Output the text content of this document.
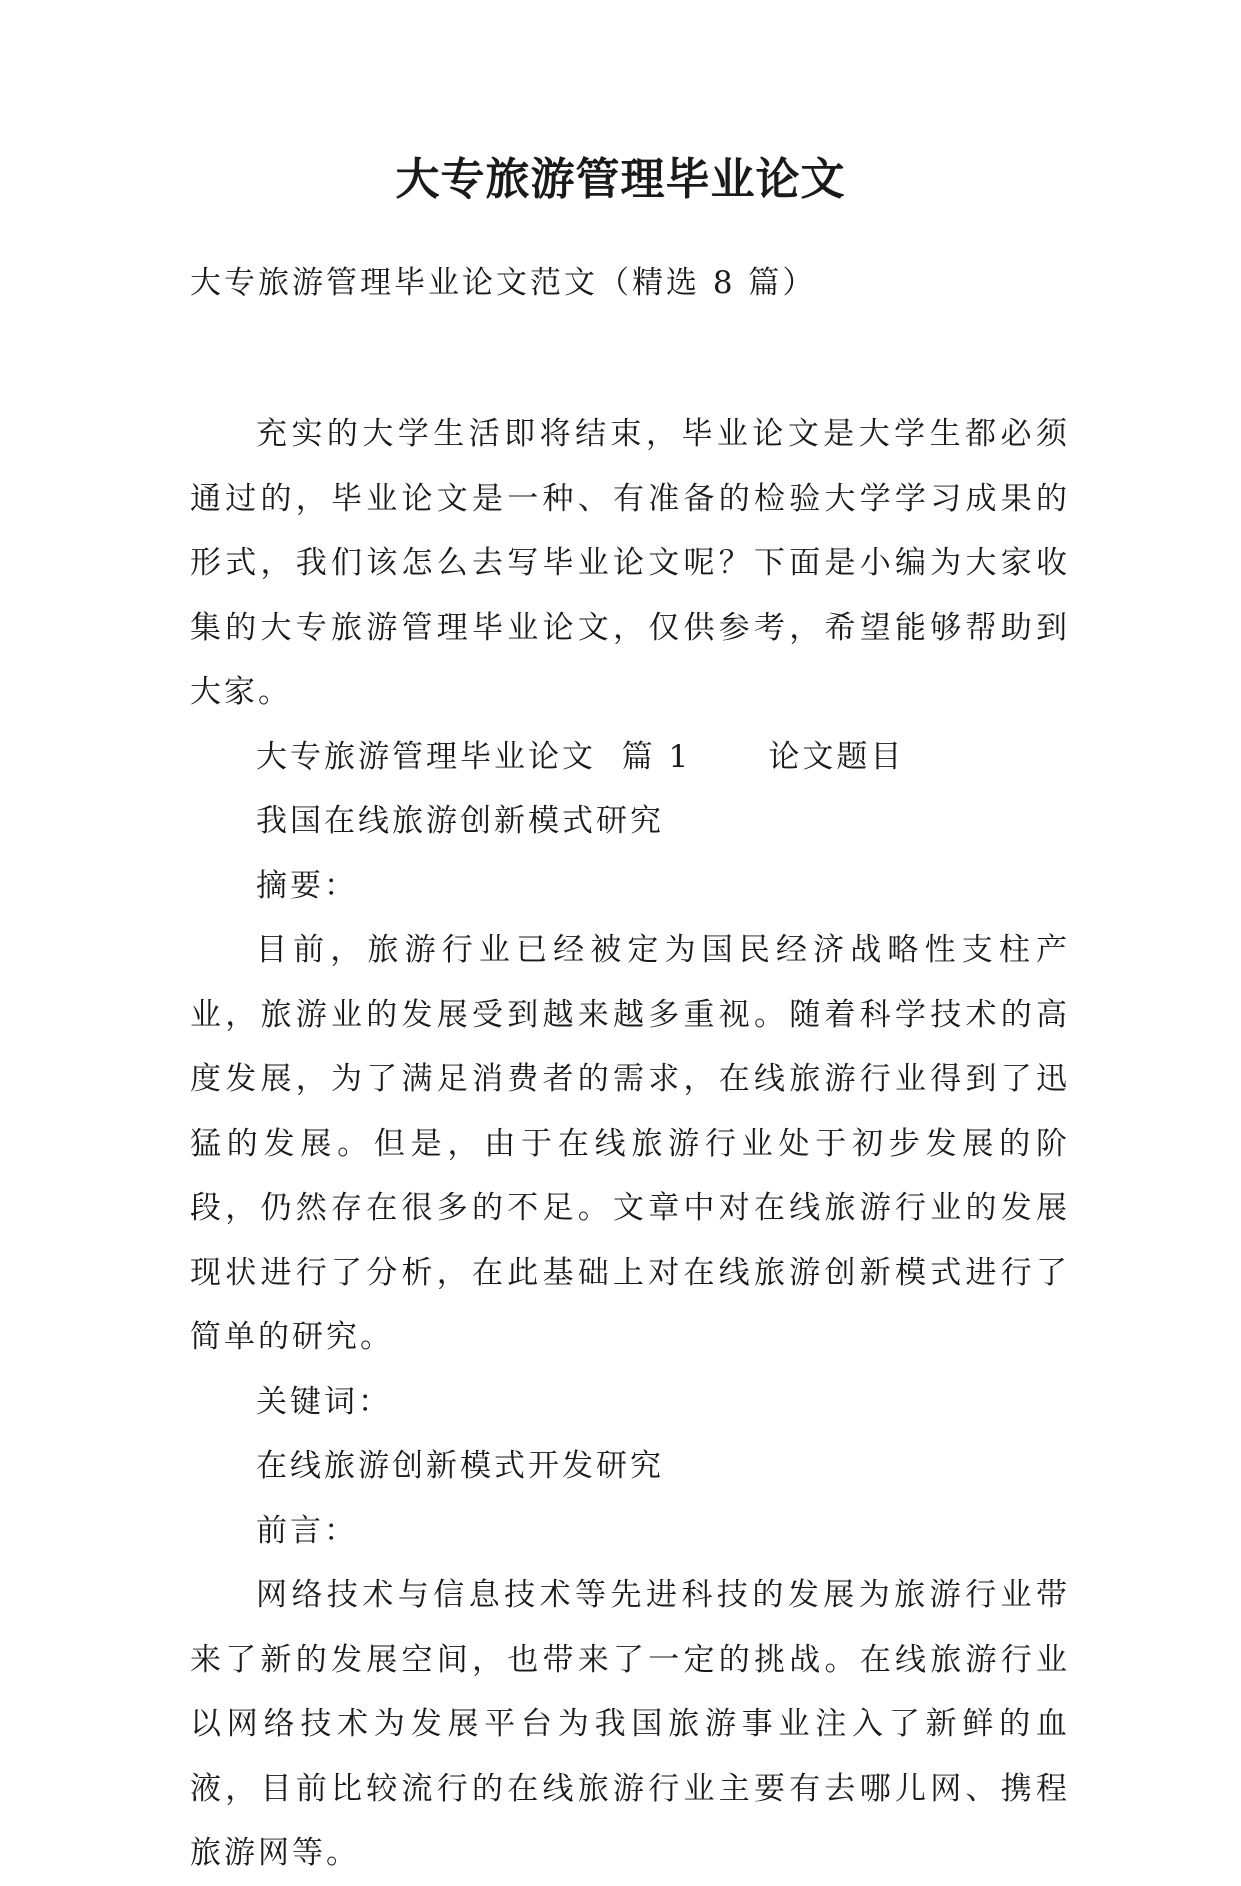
大专旅游管理毕业论文

大专旅游管理毕业论文范文（精选 8 篇）

充实的大学生活即将结束，毕业论文是大学生都必须通过的，毕业论文是一种、有准备的检验大学学习成果的形式，我们该怎么去写毕业论文呢？下面是小编为大家收集的大专旅游管理毕业论文，仅供参考，希望能够帮助到大家。

大专旅游管理毕业论文  篇 1      论文题目

我国在线旅游创新模式研究

摘要：

目前，旅游行业已经被定为国民经济战略性支柱产业，旅游业的发展受到越来越多重视。随着科学技术的高度发展，为了满足消费者的需求，在线旅游行业得到了迅猛的发展。但是，由于在线旅游行业处于初步发展的阶段，仍然存在很多的不足。文章中对在线旅游行业的发展现状进行了分析，在此基础上对在线旅游创新模式进行了简单的研究。

关键词：

在线旅游创新模式开发研究

前言：

网络技术与信息技术等先进科技的发展为旅游行业带来了新的发展空间，也带来了一定的挑战。在线旅游行业以网络技术为发展平台为我国旅游事业注入了新鲜的血液，目前比较流行的在线旅游行业主要有去哪儿网、携程旅游网等。
